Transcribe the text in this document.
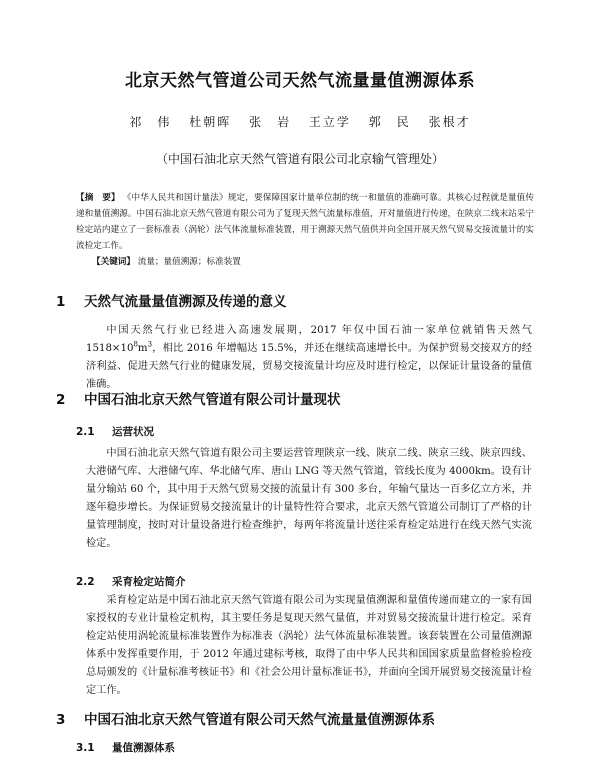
北京天然气管道公司天然气流量量值溯源体系
祁　伟 杜朝晖 张　岩 王立学 郭　民 张根才
（中国石油北京天然气管道有限公司北京输气管理处）
【摘　要】 《中华人民共和国计量法》规定，要保障国家计量单位制的统一和量值的准确可靠。其核心过程就是量值传递和量值溯源。中国石油北京天然气管道有限公司为了复现天然气流量标准值，开对量值进行传递，在陕京二线末站采宁检定站内建立了一套标准表（涡轮）法气体流量标准装置，用于溯源天然气值供并向全国开展天然气贸易交接流量计的实流检定工作。
【关键词】 流量；量值溯源；标准装置
1 天然气流量量值溯源及传递的意义

中国天然气行业已经进入高速发展期，2017 年仅中国石油一家单位就销售天然气 $1518\times 10^8m^3$，相比 2016 年增幅达 15.5%，并还在继续高速增长中。为保护贸易交接双方的经济利益、促进天然气行业的健康发展，贸易交接流量计均应及时进行检定，以保证计量设备的量值准确。

2 中国石油北京天然气管道有限公司计量现状
2.1 运营状况

中国石油北京天然气管道有限公司主要运营管理陕京一线、陕京二线、陕京三线、陕京四线、大港储气库、大港储气库、华北储气库、唐山 LNG 等天然气管道，管线长度为 4000km。设有计量分输站 60 个，其中用于天然气贸易交接的流量计有 300 多台，年输气量达一百多亿立方米，并逐年稳步增长。为保证贸易交接流量计的计量特性符合要求，北京天然气管道公司制订了严格的计量管理制度，按时对计量设备进行检查维护，每两年将流量计送往采育检定站进行在线天然气实流检定。

2.2 采育检定站简介

采育检定站是中国石油北京天然气管道有限公司为实现量值溯源和量值传递而建立的一家有国家授权的专业计量检定机构，其主要任务是复现天然气量值，并对贸易交接流量计进行检定。采育检定站使用涡轮流量标准装置作为标准表（涡轮）法气体流量标准装置。该套装置在公司量值溯源体系中发挥重要作用，于 2012 年通过建标考核，取得了由中华人民共和国国家质量监督检验检疫总局颁发的《计量标准考核证书》和《社会公用计量标准证书》，并面向全国开展贸易交接流量计检定工作。

3 中国石油北京天然气管道有限公司天然气流量量值溯源体系
3.1 量值溯源体系
